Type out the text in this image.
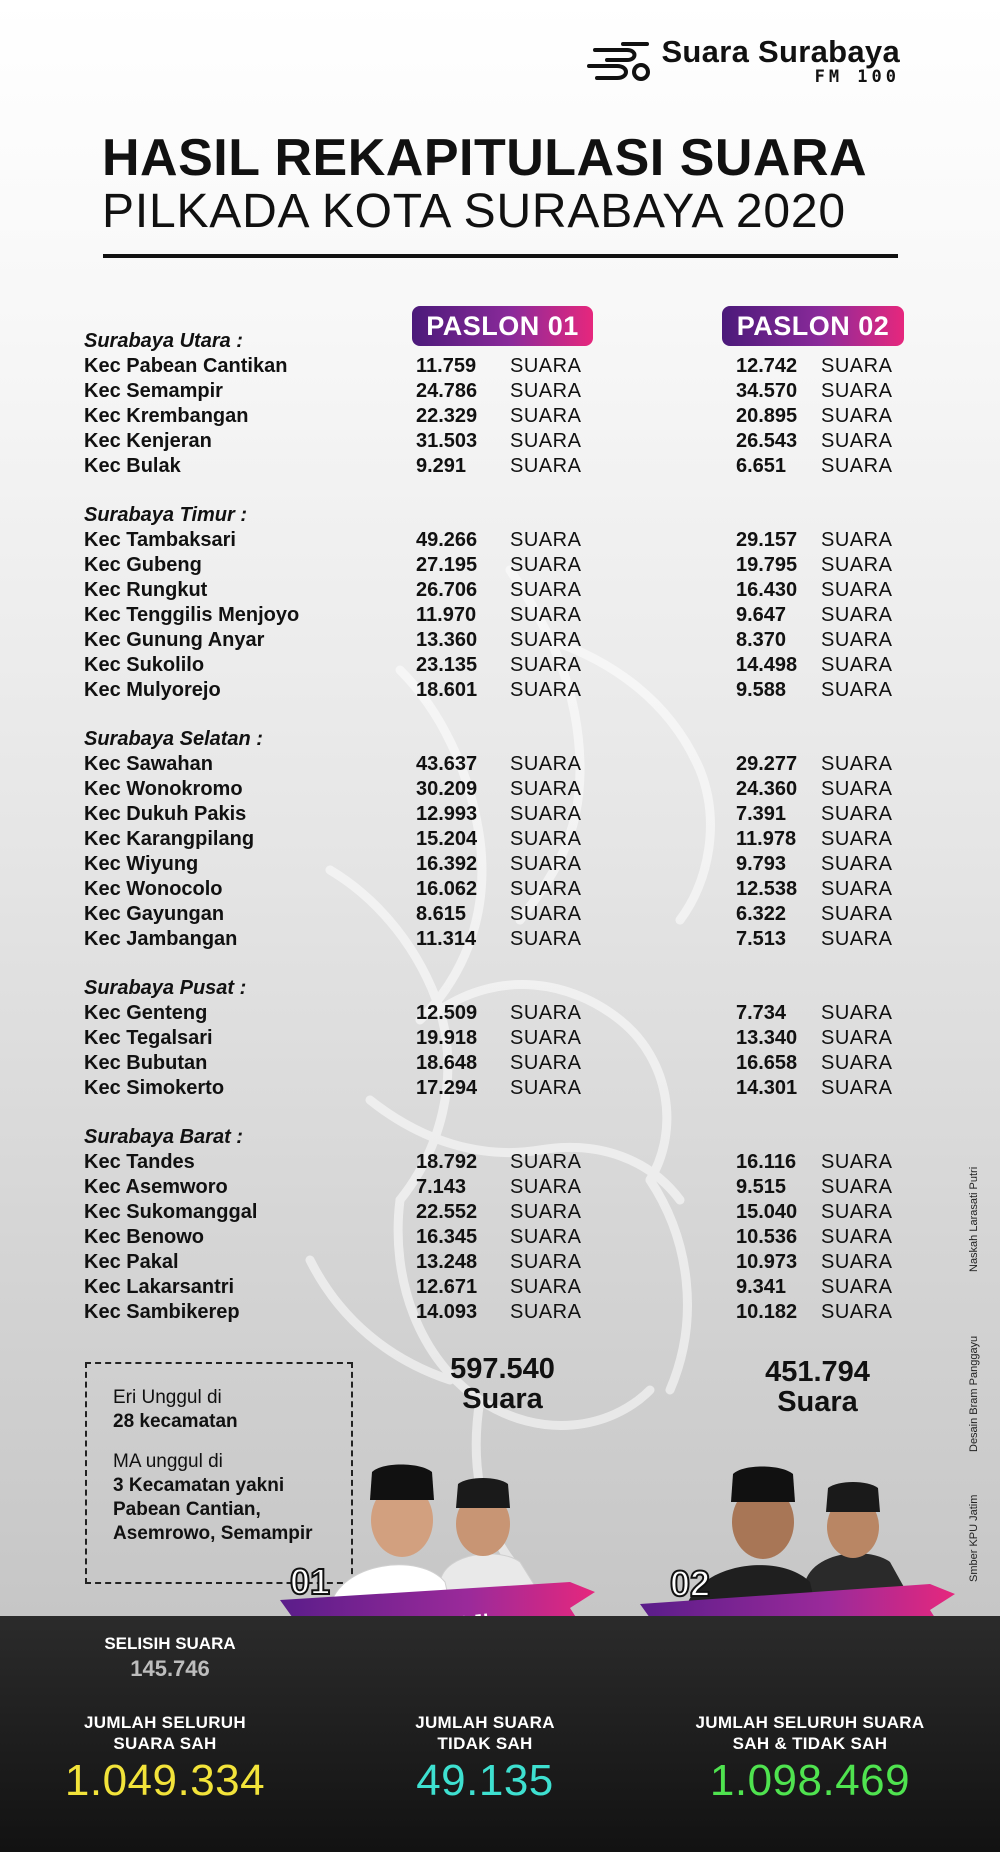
Suara Surabaya
FM 100
HASIL REKAPITULASI SUARA
PILKADA KOTA SURABAYA 2020
PASLON 01	PASLON 02
Surabaya Utara :
Kec Pabean Cantikan	11.759 SUARA	12.742 SUARA
Kec Semampir	24.786 SUARA	34.570 SUARA
Kec Krembangan	22.329 SUARA	20.895 SUARA
Kec Kenjeran	31.503 SUARA	26.543 SUARA
Kec Bulak	9.291 SUARA	6.651 SUARA
Surabaya Timur :
Kec Tambaksari	49.266 SUARA	29.157 SUARA
Kec Gubeng	27.195 SUARA	19.795 SUARA
Kec Rungkut	26.706 SUARA	16.430 SUARA
Kec Tenggilis Menjoyo	11.970 SUARA	9.647 SUARA
Kec Gunung Anyar	13.360 SUARA	8.370 SUARA
Kec Sukolilo	23.135 SUARA	14.498 SUARA
Kec Mulyorejo	18.601 SUARA	9.588 SUARA
Surabaya Selatan :
Kec Sawahan	43.637 SUARA	29.277 SUARA
Kec Wonokromo	30.209 SUARA	24.360 SUARA
Kec Dukuh Pakis	12.993 SUARA	7.391 SUARA
Kec Karangpilang	15.204 SUARA	11.978 SUARA
Kec Wiyung	16.392 SUARA	9.793 SUARA
Kec Wonocolo	16.062 SUARA	12.538 SUARA
Kec Gayungan	8.615 SUARA	6.322 SUARA
Kec Jambangan	11.314 SUARA	7.513 SUARA
Surabaya Pusat :
Kec Genteng	12.509 SUARA	7.734 SUARA
Kec Tegalsari	19.918 SUARA	13.340 SUARA
Kec Bubutan	18.648 SUARA	16.658 SUARA
Kec Simokerto	17.294 SUARA	14.301 SUARA
Surabaya Barat :
Kec Tandes	18.792 SUARA	16.116 SUARA
Kec Asemworo	7.143 SUARA	9.515 SUARA
Kec Sukomanggal	22.552 SUARA	15.040 SUARA
Kec Benowo	16.345 SUARA	10.536 SUARA
Kec Pakal	13.248 SUARA	10.973 SUARA
Kec Lakarsantri	12.671 SUARA	9.341 SUARA
Kec Sambikerep	14.093 SUARA	10.182 SUARA

Eri Unggul di
28 kecamatan

MA unggul di
3 Kecamatan yakni
Pabean Cantian,
Asemrowo, Semampir

597.540
Suara
451.794
Suara
01	02
Naskah Larasati Putri
Desain Bram Panggayu
Smber KPU Jatim
SELISIH SUARA
145.746
JUMLAH SELURUH
SUARA SAH
1.049.334
JUMLAH SUARA
TIDAK SAH
49.135
JUMLAH SELURUH SUARA
SAH & TIDAK SAH
1.098.469
